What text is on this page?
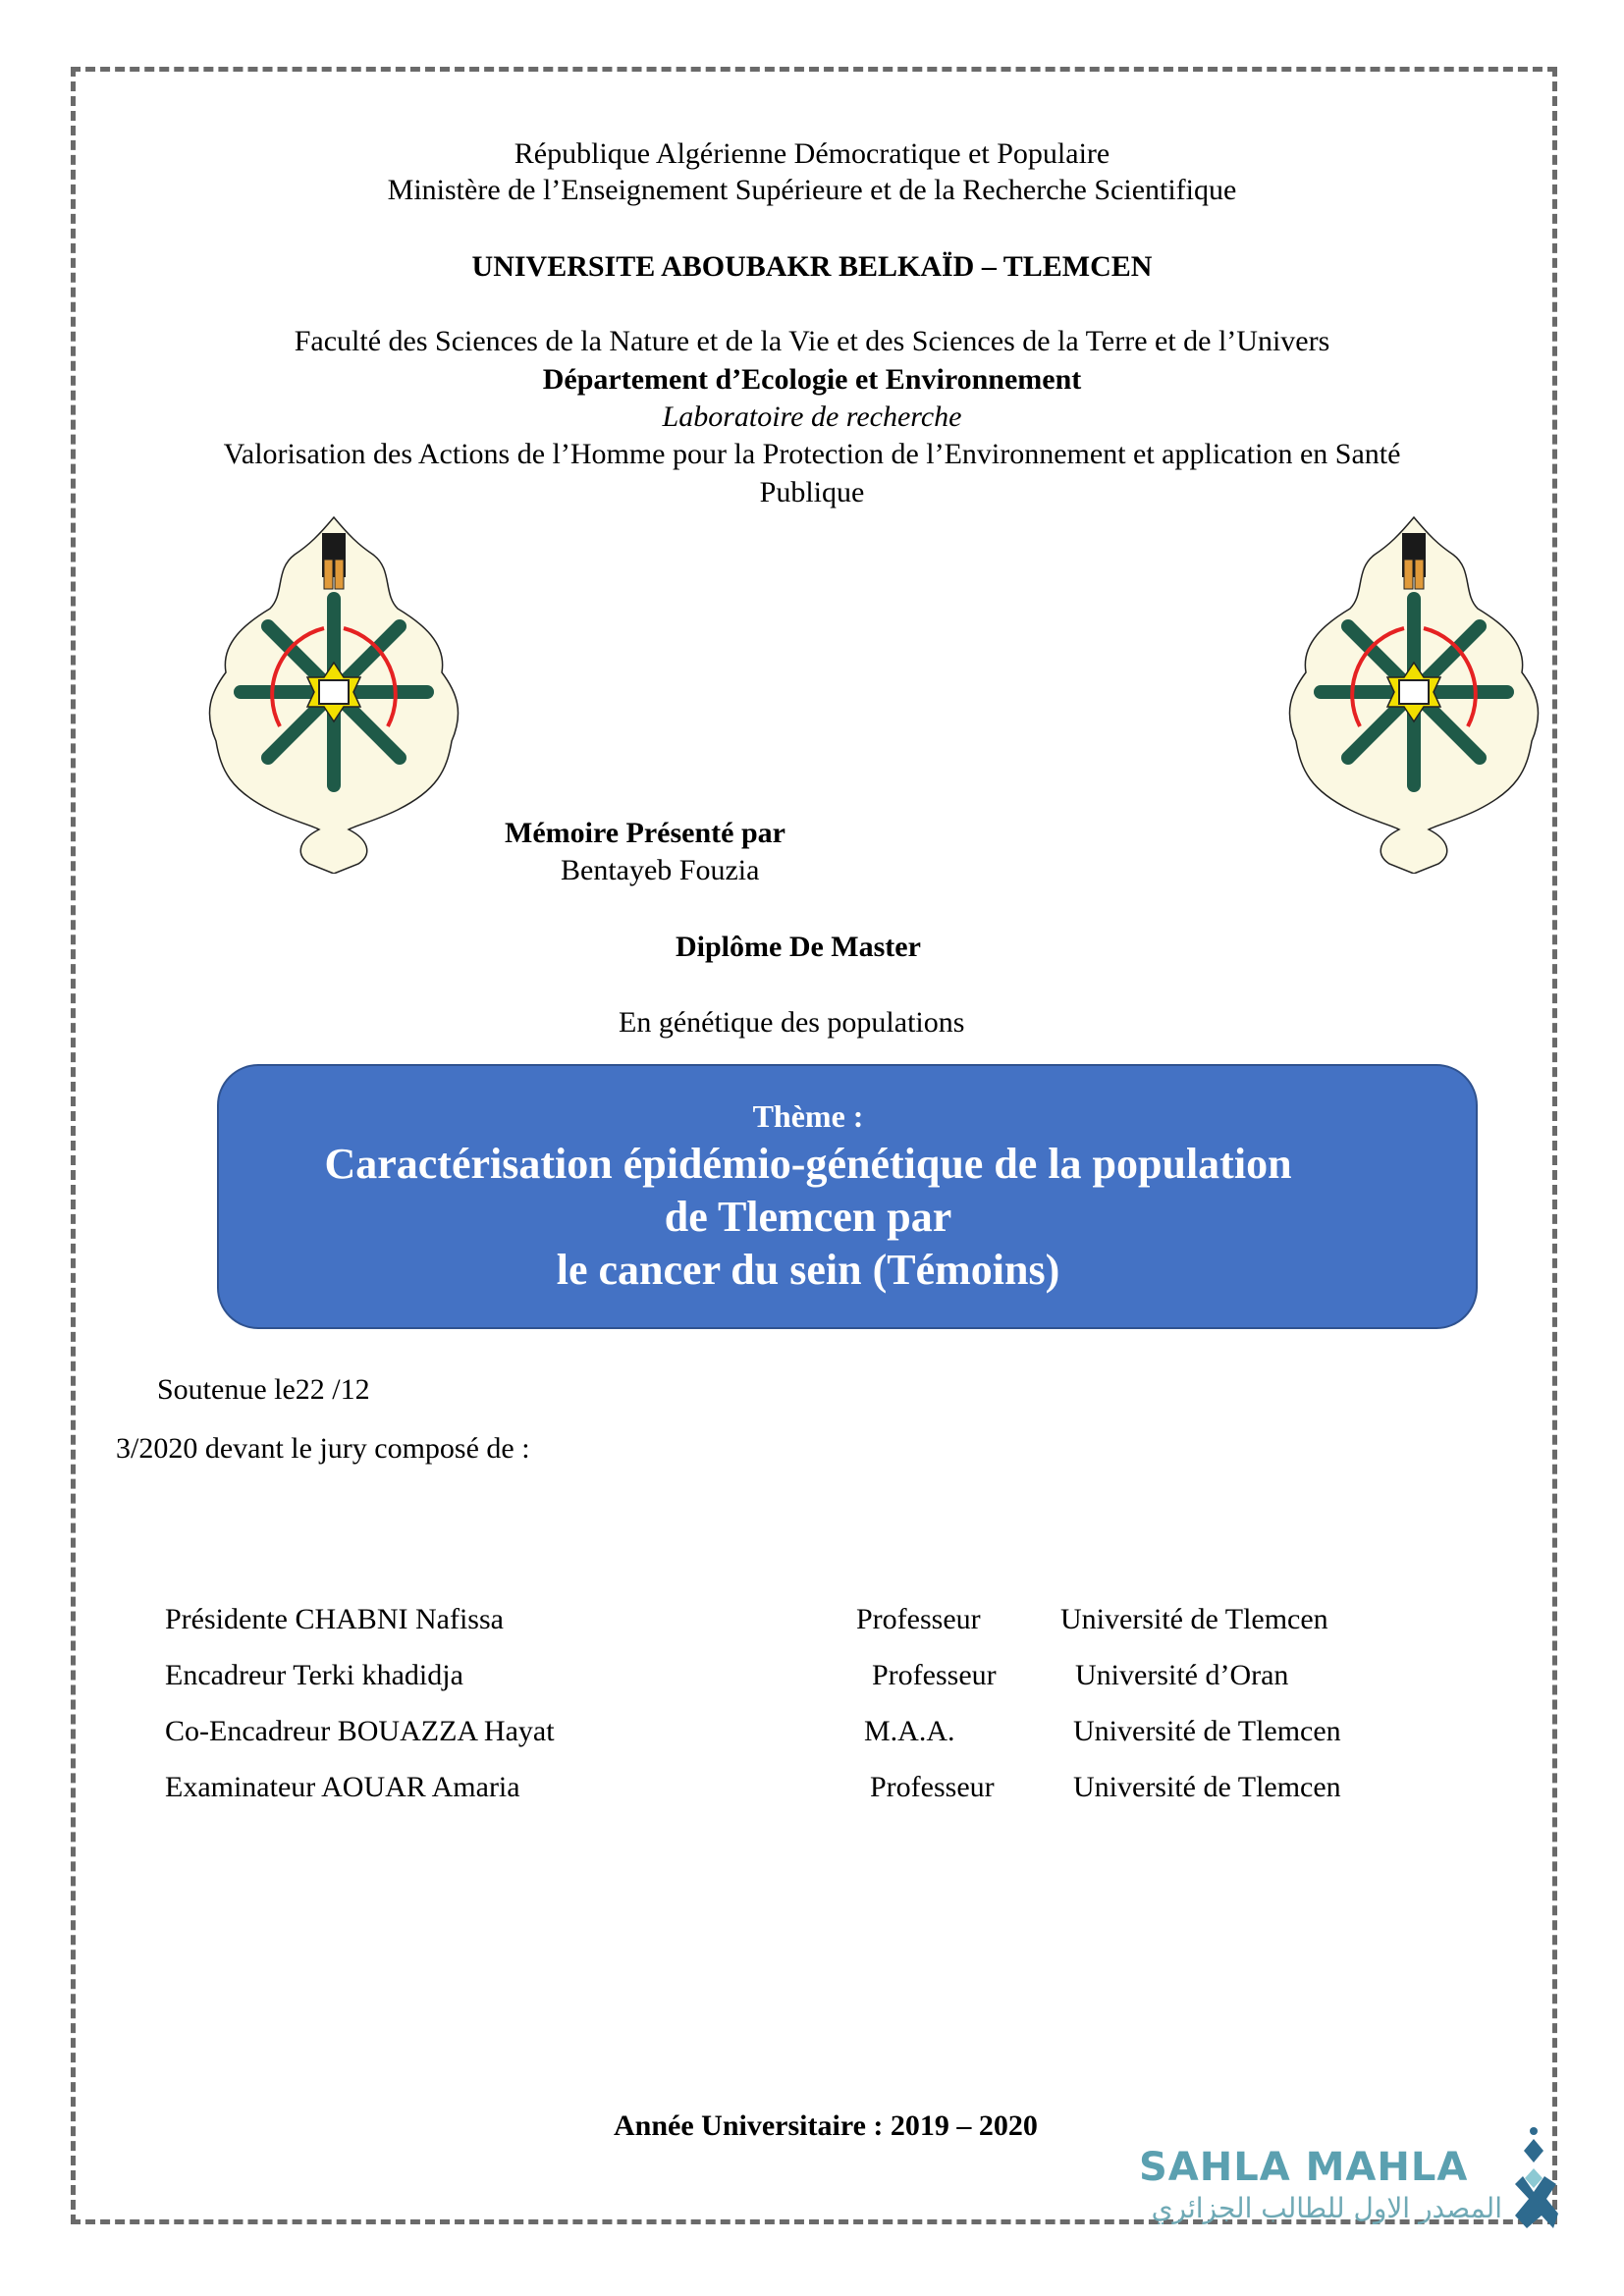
République Algérienne Démocratique et Populaire
Ministère de l’Enseignement Supérieure et de la Recherche Scientifique
UNIVERSITE ABOUBAKR BELKAÏD – TLEMCEN
Faculté des Sciences de la Nature et de la Vie et des Sciences de la Terre et de l’Univers
Département d’Ecologie et Environnement
Laboratoire de recherche
Valorisation des Actions de l’Homme pour la Protection de l’Environnement et application en Santé
Publique
Mémoire Présenté par
Bentayeb Fouzia
Diplôme De Master
En génétique des populations
Thème :
Caractérisation épidémio-génétique de la population
de Tlemcen par
le cancer du sein (Témoins)
Soutenue le22 /12
3/2020 devant le jury composé de :
Présidente CHABNI Nafissa	Professeur	Université de Tlemcen
Encadreur Terki khadidja	Professeur	Université d’Oran
Co-Encadreur BOUAZZA Hayat	M.A.A.	Université de Tlemcen
Examinateur AOUAR Amaria	Professeur	Université de Tlemcen
Année Universitaire : 2019 – 2020
SAHLA MAHLA
المصدر الاول للطالب الجزائري
